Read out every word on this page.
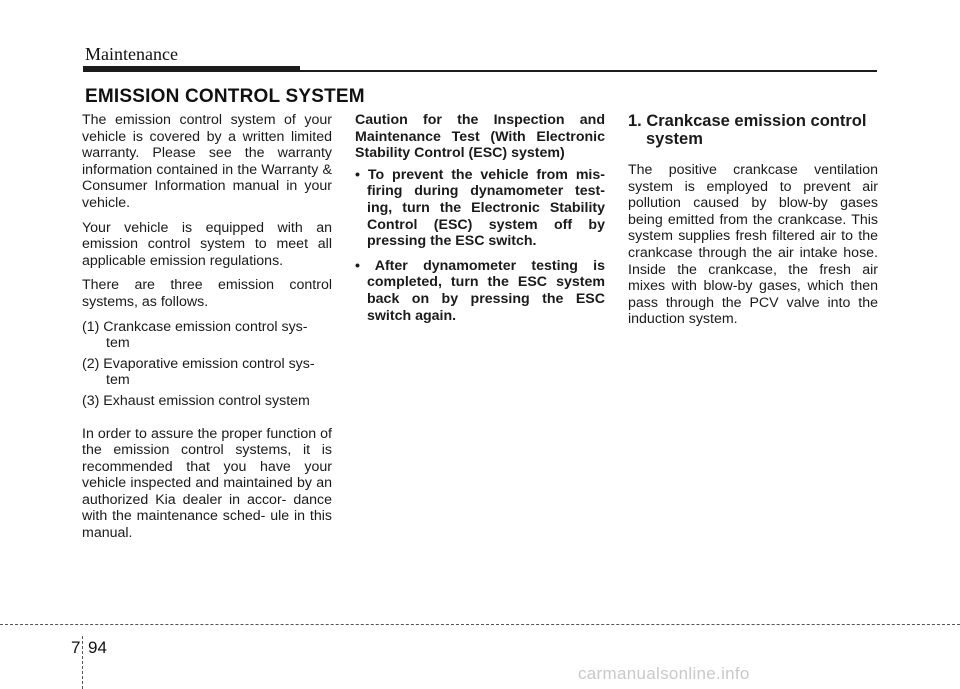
Maintenance
EMISSION CONTROL SYSTEM

The emission control system of your vehicle is covered by a written limited warranty. Please see the warranty information contained in the Warranty & Consumer Information manual in your vehicle.

Your vehicle is equipped with an emission control system to meet all applicable emission regulations.

There are three emission control systems, as follows.

(1) Crankcase emission control sys- tem
(2) Evaporative emission control sys- tem
(3) Exhaust emission control system

In order to assure the proper function of the emission control systems, it is recommended that you have your vehicle inspected and maintained by an authorized Kia dealer in accor- dance with the maintenance sched- ule in this manual.

Caution for the Inspection and Maintenance Test (With Electronic Stability Control (ESC) system)
• To prevent the vehicle from mis- firing during dynamometer test- ing, turn the Electronic Stability Control (ESC) system off by pressing the ESC switch.
• After dynamometer testing is completed, turn the ESC system back on by pressing the ESC switch again.
1. Crankcase emission control system

The positive crankcase ventilation system is employed to prevent air pollution caused by blow-by gases being emitted from the crankcase. This system supplies fresh filtered air to the crankcase through the air intake hose. Inside the crankcase, the fresh air mixes with blow-by gases, which then pass through the PCV valve into the induction system.

7 94
carmanualsonline.info
